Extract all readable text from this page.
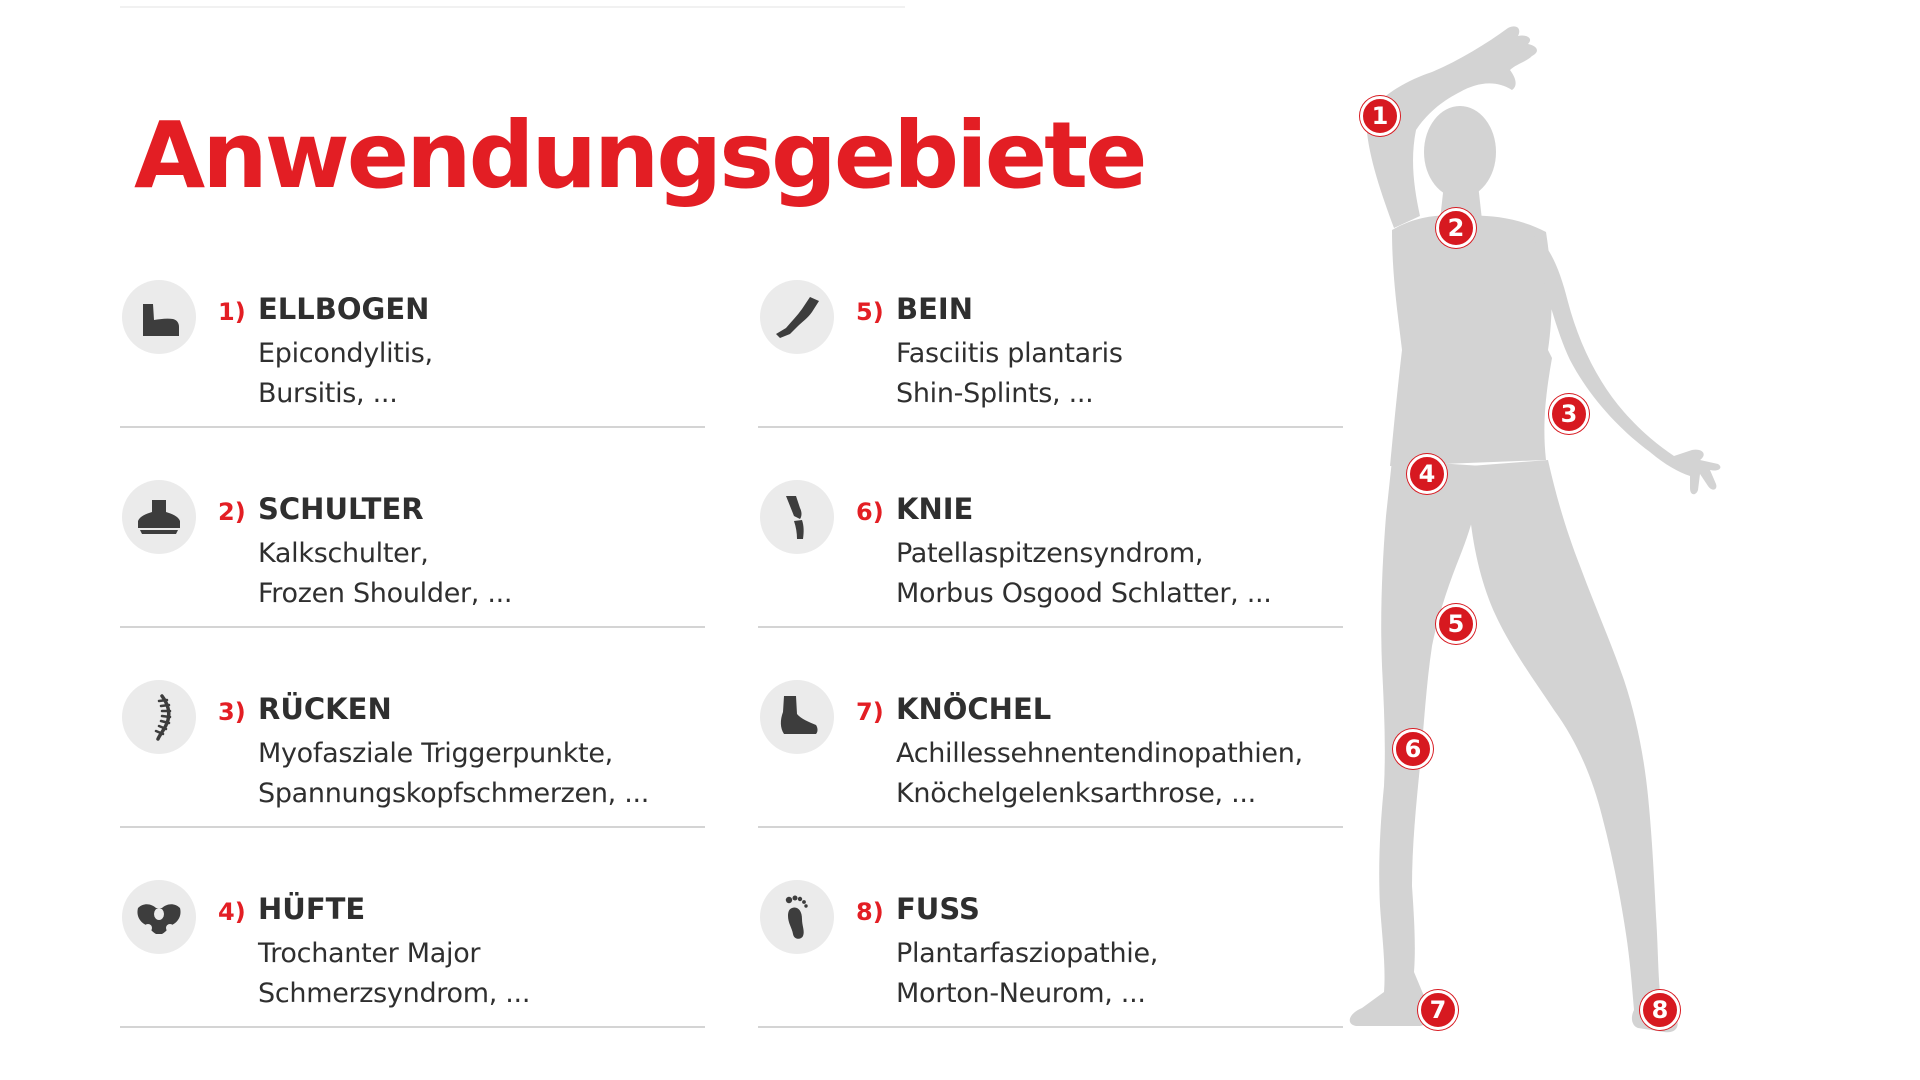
Anwendungsgebiete
1) ELLBOGEN
Epicondylitis,
Bursitis, ...
2) SCHULTER
Kalkschulter,
Frozen Shoulder, ...
3) RÜCKEN
Myofasziale Triggerpunkte,
Spannungskopfschmerzen, ...
4) HÜFTE
Trochanter Major
Schmerzsyndrom, ...
5) BEIN
Fasciitis plantaris
Shin-Splints, ...
6) KNIE
Patellaspitzensyndrom,
Morbus Osgood Schlatter, ...
7) KNÖCHEL
Achillessehnentendinopathien,
Knöchelgelenksarthrose, ...
8) FUSS
Plantarfasziopathie,
Morton-Neurom, ...
1
2
3
4
5
6
7	8
